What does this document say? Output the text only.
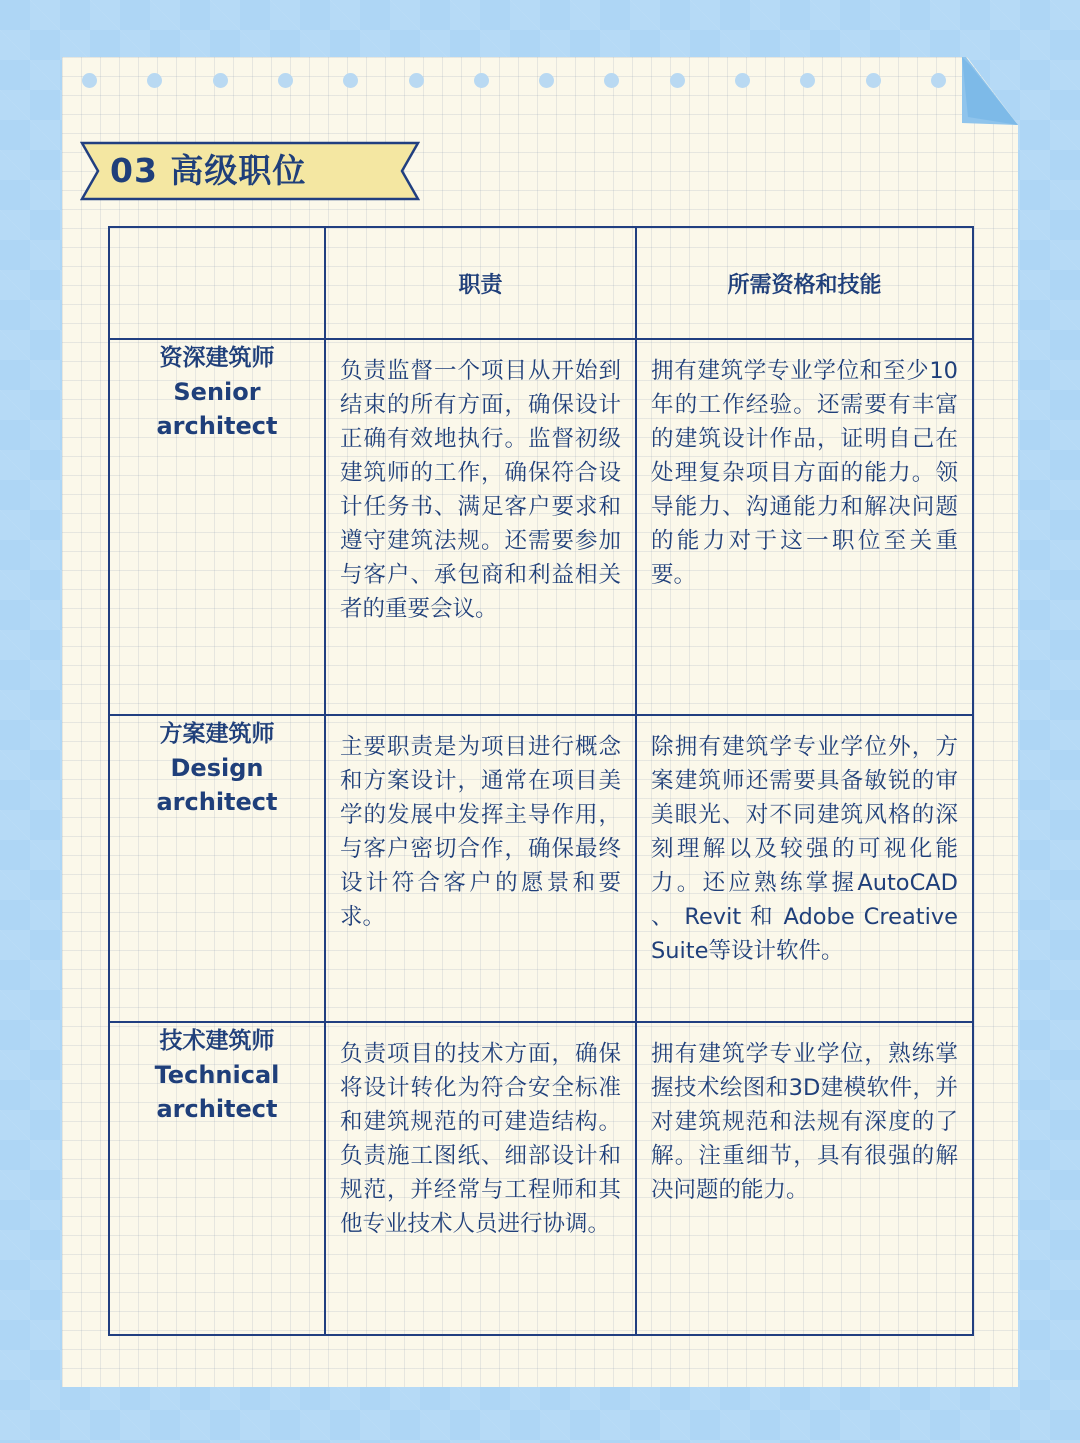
03 高级职位
	职责	所需资格和技能

资深建筑师
Senior
architect	负责监督一个项目从开始到结束的所有方面，确保设计正确有效地执行。监督初级建筑师的工作，确保符合设计任务书、满足客户要求和遵守建筑法规。还需要参加与客户、承包商和利益相关者的重要会议。	拥有建筑学专业学位和至少10年的工作经验。还需要有丰富的建筑设计作品，证明自己在处理复杂项目方面的能力。领导能力、沟通能力和解决问题的能力对于这一职位至关重要。

方案建筑师
Design
architect	主要职责是为项目进行概念和方案设计，通常在项目美学的发展中发挥主导作用，与客户密切合作，确保最终设计符合客户的愿景和要求。	除拥有建筑学专业学位外，方案建筑师还需要具备敏锐的审美眼光、对不同建筑风格的深刻理解以及较强的可视化能力。还应熟练掌握AutoCAD 、 Revit 和 Adobe Creative Suite等设计软件。

技术建筑师
Technical
architect	负责项目的技术方面，确保将设计转化为符合安全标准和建筑规范的可建造结构。负责施工图纸、细部设计和规范，并经常与工程师和其他专业技术人员进行协调。	拥有建筑学专业学位，熟练掌握技术绘图和3D建模软件，并对建筑规范和法规有深度的了解。注重细节，具有很强的解决问题的能力。
